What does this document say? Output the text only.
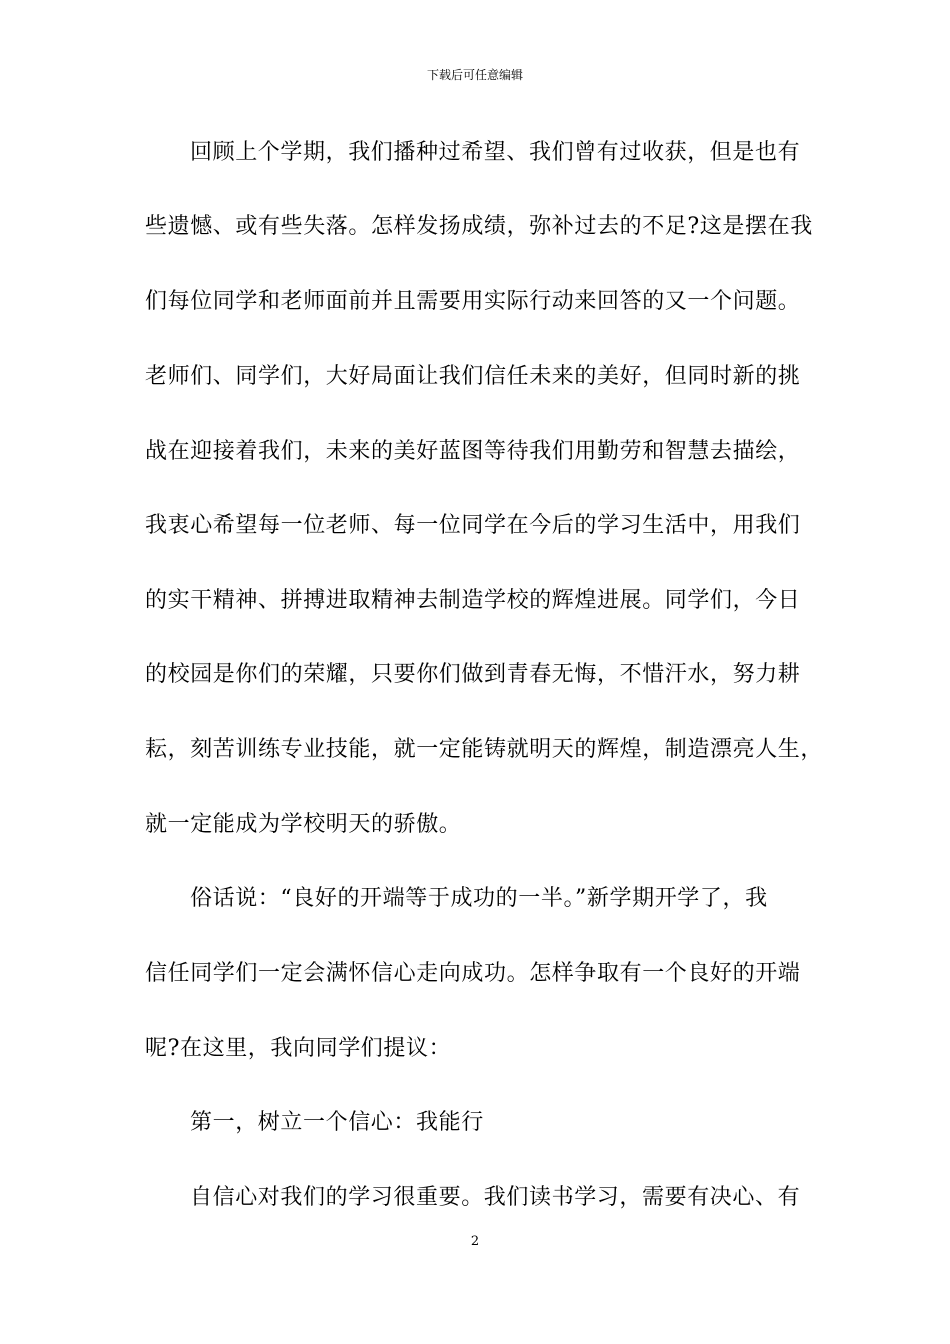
下载后可任意编辑
回顾上个学期，我们播种过希望、我们曾有过收获，但是也有
些遗憾、或有些失落。怎样发扬成绩，弥补过去的不足?这是摆在我
们每位同学和老师面前并且需要用实际行动来回答的又一个问题。
老师们、同学们，大好局面让我们信任未来的美好，但同时新的挑
战在迎接着我们，未来的美好蓝图等待我们用勤劳和智慧去描绘，
我衷心希望每一位老师、每一位同学在今后的学习生活中，用我们
的实干精神、拼搏进取精神去制造学校的辉煌进展。同学们，今日
的校园是你们的荣耀，只要你们做到青春无悔，不惜汗水，努力耕
耘，刻苦训练专业技能，就一定能铸就明天的辉煌，制造漂亮人生，
就一定能成为学校明天的骄傲。
俗话说：“良好的开端等于成功的一半。”新学期开学了，我
信任同学们一定会满怀信心走向成功。怎样争取有一个良好的开端
呢?在这里，我向同学们提议：
第一，树立一个信心：我能行
自信心对我们的学习很重要。我们读书学习，需要有决心、有
2
